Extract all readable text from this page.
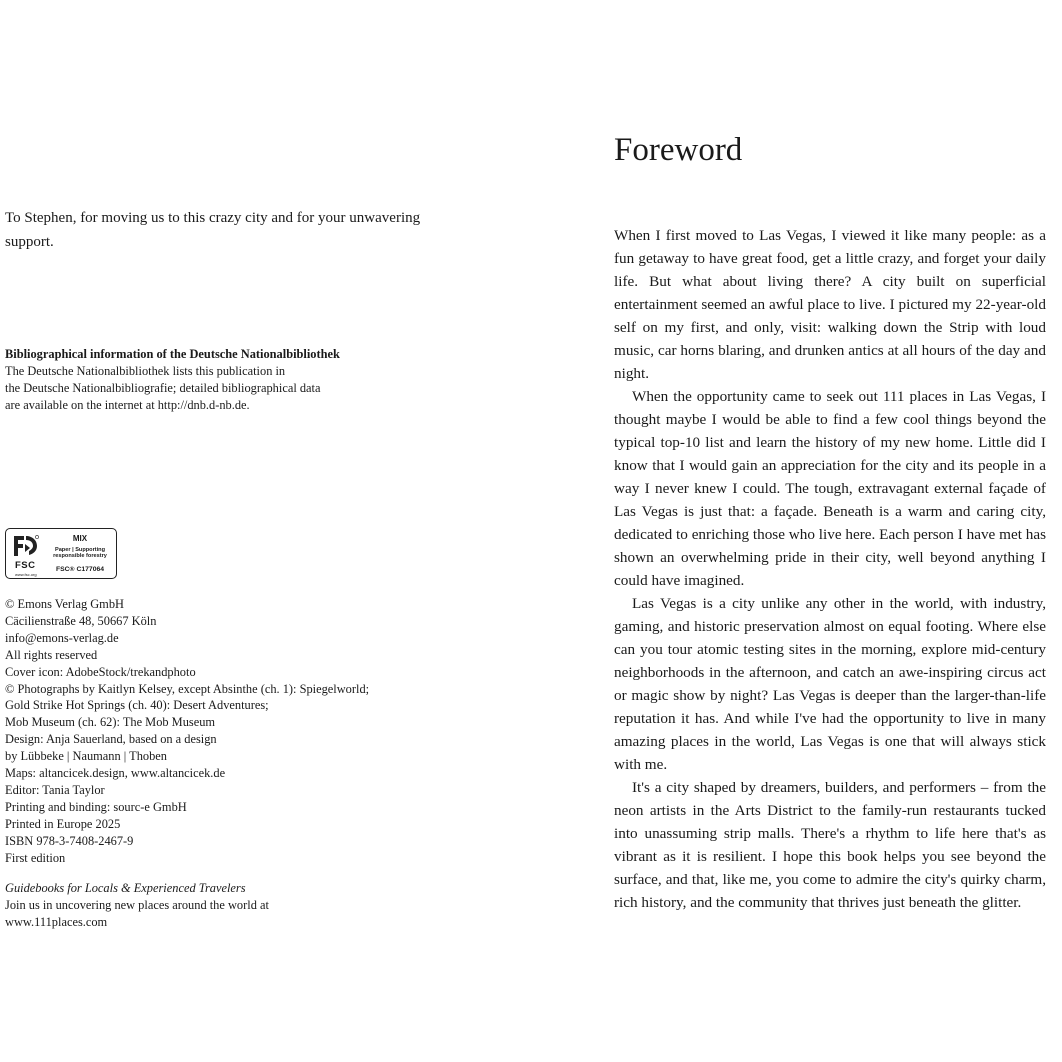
To Stephen, for moving us to this crazy city and for your unwavering support.

Bibliographical information of the Deutsche Nationalbibliothek
The Deutsche Nationalbibliothek lists this publication in
the Deutsche Nationalbibliografie; detailed bibliographical data
are available on the internet at http://dnb.d-nb.de.
FSC
www.fsc.org
MIX
Paper | Supporting responsible forestry
FSC® C177064
© Emons Verlag GmbH
Cäcilienstraße 48, 50667 Köln
info@emons-verlag.de
All rights reserved
Cover icon: AdobeStock/trekandphoto
© Photographs by Kaitlyn Kelsey, except Absinthe (ch. 1): Spiegelworld;
Gold Strike Hot Springs (ch. 40): Desert Adventures;
Mob Museum (ch. 62): The Mob Museum
Design: Anja Sauerland, based on a design
by Lübbeke | Naumann | Thoben
Maps: altancicek.design, www.altancicek.de
Editor: Tania Taylor
Printing and binding: sourc-e GmbH
Printed in Europe 2025
ISBN 978-3-7408-2467-9
First edition
Guidebooks for Locals & Experienced Travelers
Join us in uncovering new places around the world at
www.111places.com
Foreword

When I first moved to Las Vegas, I viewed it like many people: as a fun getaway to have great food, get a little crazy, and forget your daily life. But what about living there? A city built on superficial entertainment seemed an awful place to live. I pictured my 22-year-old self on my first, and only, visit: walking down the Strip with loud music, car horns blaring, and drunken antics at all hours of the day and night.

When the opportunity came to seek out 111 places in Las Vegas, I thought maybe I would be able to find a few cool things beyond the typical top-10 list and learn the history of my new home. Little did I know that I would gain an appreciation for the city and its people in a way I never knew I could. The tough, extravagant external façade of Las Vegas is just that: a façade. Beneath is a warm and caring city, dedicated to enriching those who live here. Each person I have met has shown an overwhelming pride in their city, well beyond anything I could have imagined.

Las Vegas is a city unlike any other in the world, with industry, gaming, and historic preservation almost on equal footing. Where else can you tour atomic testing sites in the morning, explore mid-century neighborhoods in the afternoon, and catch an awe-inspiring circus act or magic show by night? Las Vegas is deeper than the larger-than-life reputation it has. And while I've had the opportunity to live in many amazing places in the world, Las Vegas is one that will always stick with me.

It's a city shaped by dreamers, builders, and performers – from the neon artists in the Arts District to the family-run restaurants tucked into unassuming strip malls. There's a rhythm to life here that's as vibrant as it is resilient. I hope this book helps you see beyond the surface, and that, like me, you come to admire the city's quirky charm, rich history, and the community that thrives just beneath the glitter.
